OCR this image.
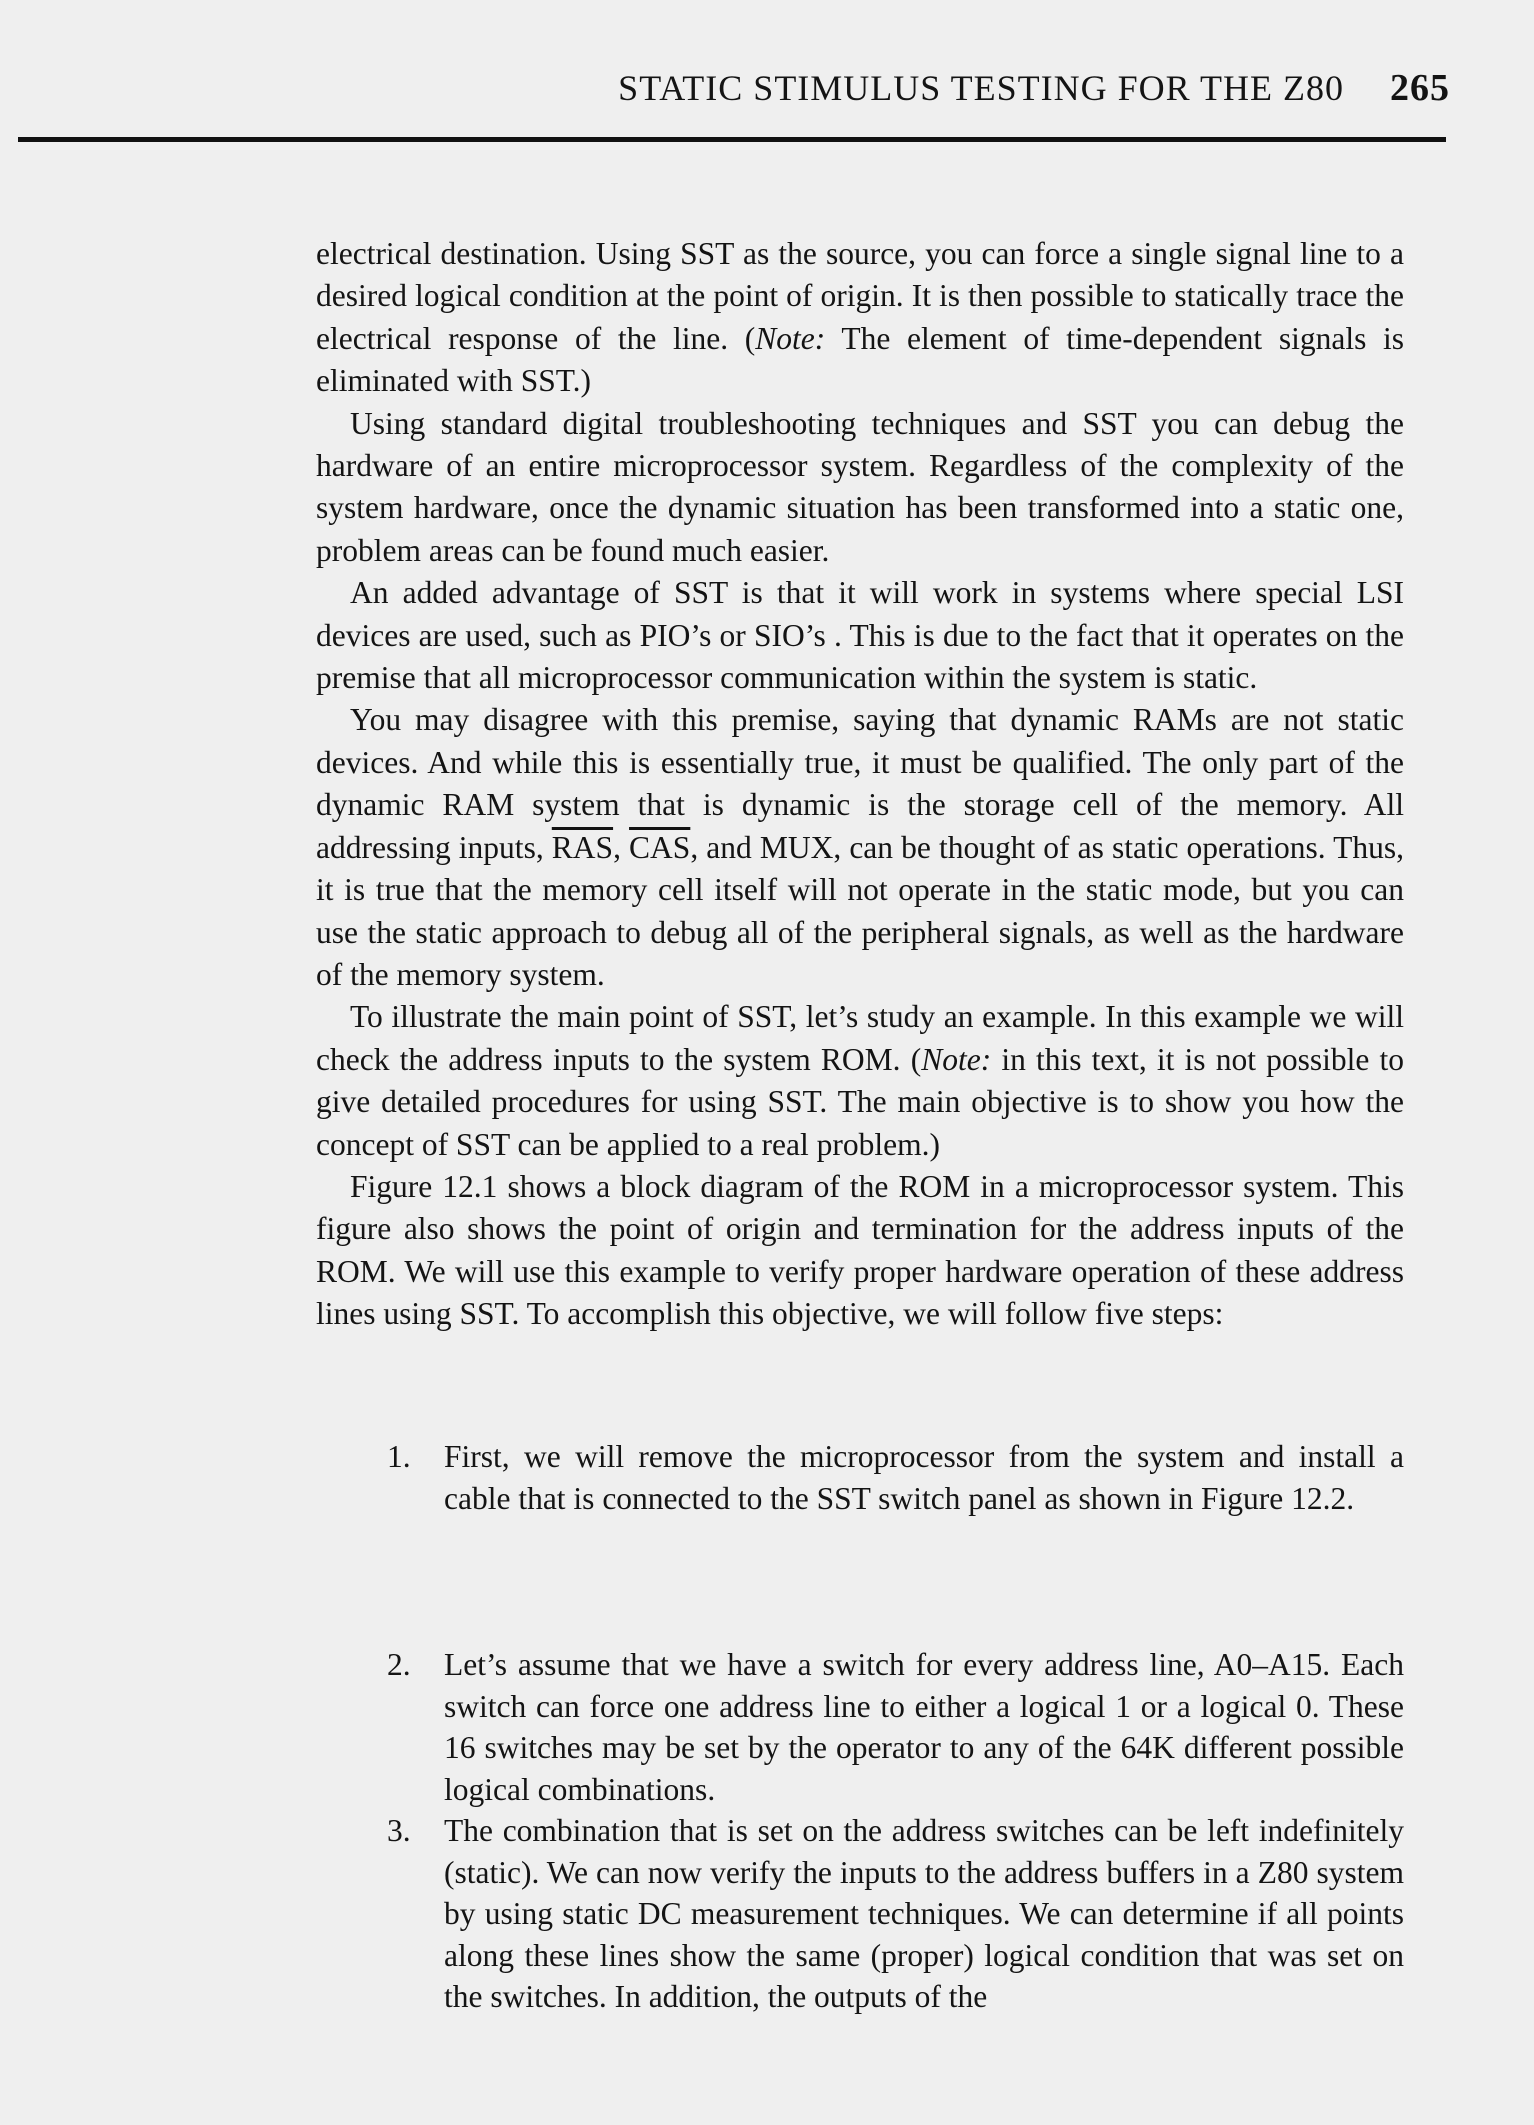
STATIC STIMULUS TESTING FOR THE Z80 265

electrical destination. Using SST as the source, you can force a single signal line to a desired logical condition at the point of origin. It is then possible to statically trace the electrical response of the line. (Note: The element of time-dependent signals is eliminated with SST.)

Using standard digital troubleshooting techniques and SST you can debug the hardware of an entire microprocessor system. Regardless of the complexity of the system hardware, once the dynamic situation has been transformed into a static one, problem areas can be found much easier.

An added advantage of SST is that it will work in systems where special LSI devices are used, such as PIO’s or SIO’s . This is due to the fact that it operates on the premise that all microprocessor communication within the system is static.

You may disagree with this premise, saying that dynamic RAMs are not static devices. And while this is essentially true, it must be qualified. The only part of the dynamic RAM system that is dynamic is the storage cell of the memory. All addressing inputs, $\overline{RAS}$, $\overline{CAS}$, and MUX, can be thought of as static operations. Thus, it is true that the memory cell itself will not operate in the static mode, but you can use the static approach to debug all of the peripheral signals, as well as the hardware of the memory system.

To illustrate the main point of SST, let’s study an example. In this example we will check the address inputs to the system ROM. (Note: in this text, it is not possible to give detailed procedures for using SST. The main objective is to show you how the concept of SST can be applied to a real problem.)

Figure 12.1 shows a block diagram of the ROM in a microprocessor system. This figure also shows the point of origin and termination for the address inputs of the ROM. We will use this example to verify proper hardware operation of these address lines using SST. To accomplish this objective, we will follow five steps:

1.	First, we will remove the microprocessor from the system and install a cable that is connected to the SST switch panel as shown in Figure 12.2.
2.	Let’s assume that we have a switch for every address line, A0–A15. Each switch can force one address line to either a logical 1 or a logical 0. These 16 switches may be set by the operator to any of the 64K different possible logical combinations.
3.	The combination that is set on the address switches can be left indefinitely (static). We can now verify the inputs to the address buffers in a Z80 system by using static DC measurement techniques. We can determine if all points along these lines show the same (proper) logical condition that was set on the switches. In addition, the outputs of the
